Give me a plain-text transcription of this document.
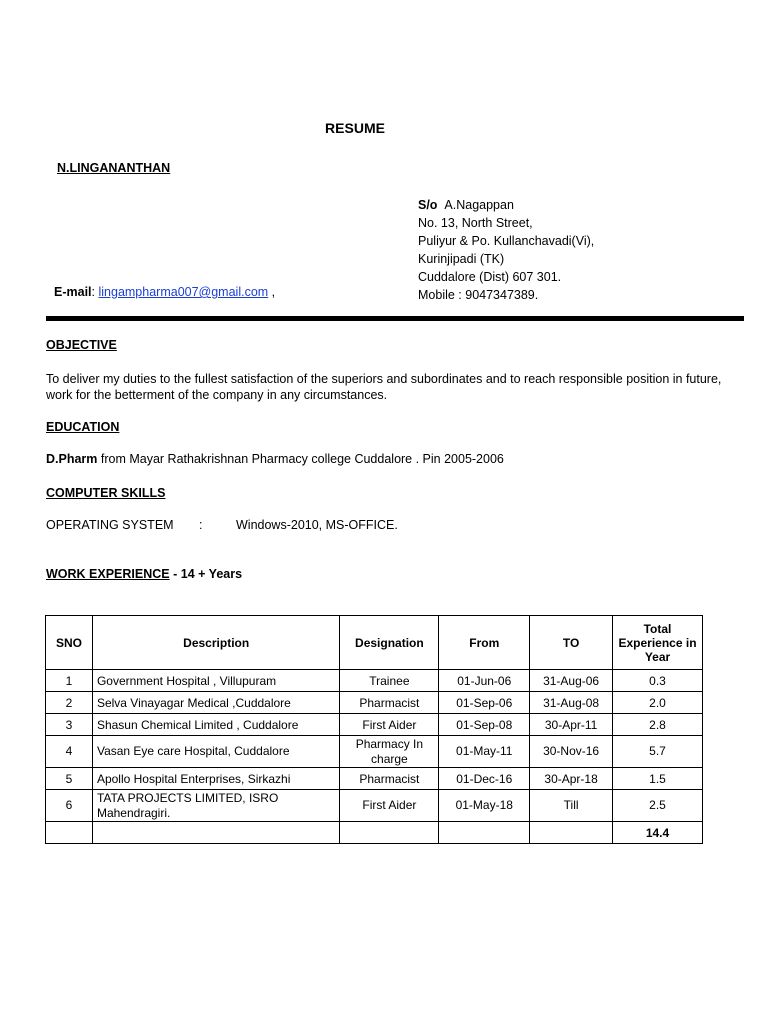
RESUME
N.LINGANANTHAN
S/o A.Nagappan
No. 13, North Street,
Puliyur & Po. Kullanchavadi(Vi),
Kurinjipadi (TK)
Cuddalore (Dist) 607 301.
Mobile : 9047347389.
E-mail: lingampharma007@gmail.com ,
OBJECTIVE
To deliver my duties to the fullest satisfaction of the superiors and subordinates and to reach responsible position in future, work for the betterment of the company in any circumstances.
EDUCATION
D.Pharm from Mayar Rathakrishnan Pharmacy college Cuddalore . Pin 2005-2006
COMPUTER SKILLS
OPERATING SYSTEM :	Windows-2010, MS-OFFICE.
WORK EXPERIENCE - 14 + Years
SNO	Description	Designation	From	TO	Total Experience in Year
1	Government Hospital , Villupuram	Trainee	01-Jun-06	31-Aug-06	0.3
2	Selva Vinayagar Medical ,Cuddalore	Pharmacist	01-Sep-06	31-Aug-08	2.0
3	Shasun Chemical Limited , Cuddalore	First Aider	01-Sep-08	30-Apr-11	2.8
4	Vasan Eye care Hospital, Cuddalore	Pharmacy In charge	01-May-11	30-Nov-16	5.7
5	Apollo Hospital Enterprises, Sirkazhi	Pharmacist	01-Dec-16	30-Apr-18	1.5
6	TATA PROJECTS LIMITED, ISRO Mahendragiri.	First Aider	01-May-18	Till	2.5
					14.4
